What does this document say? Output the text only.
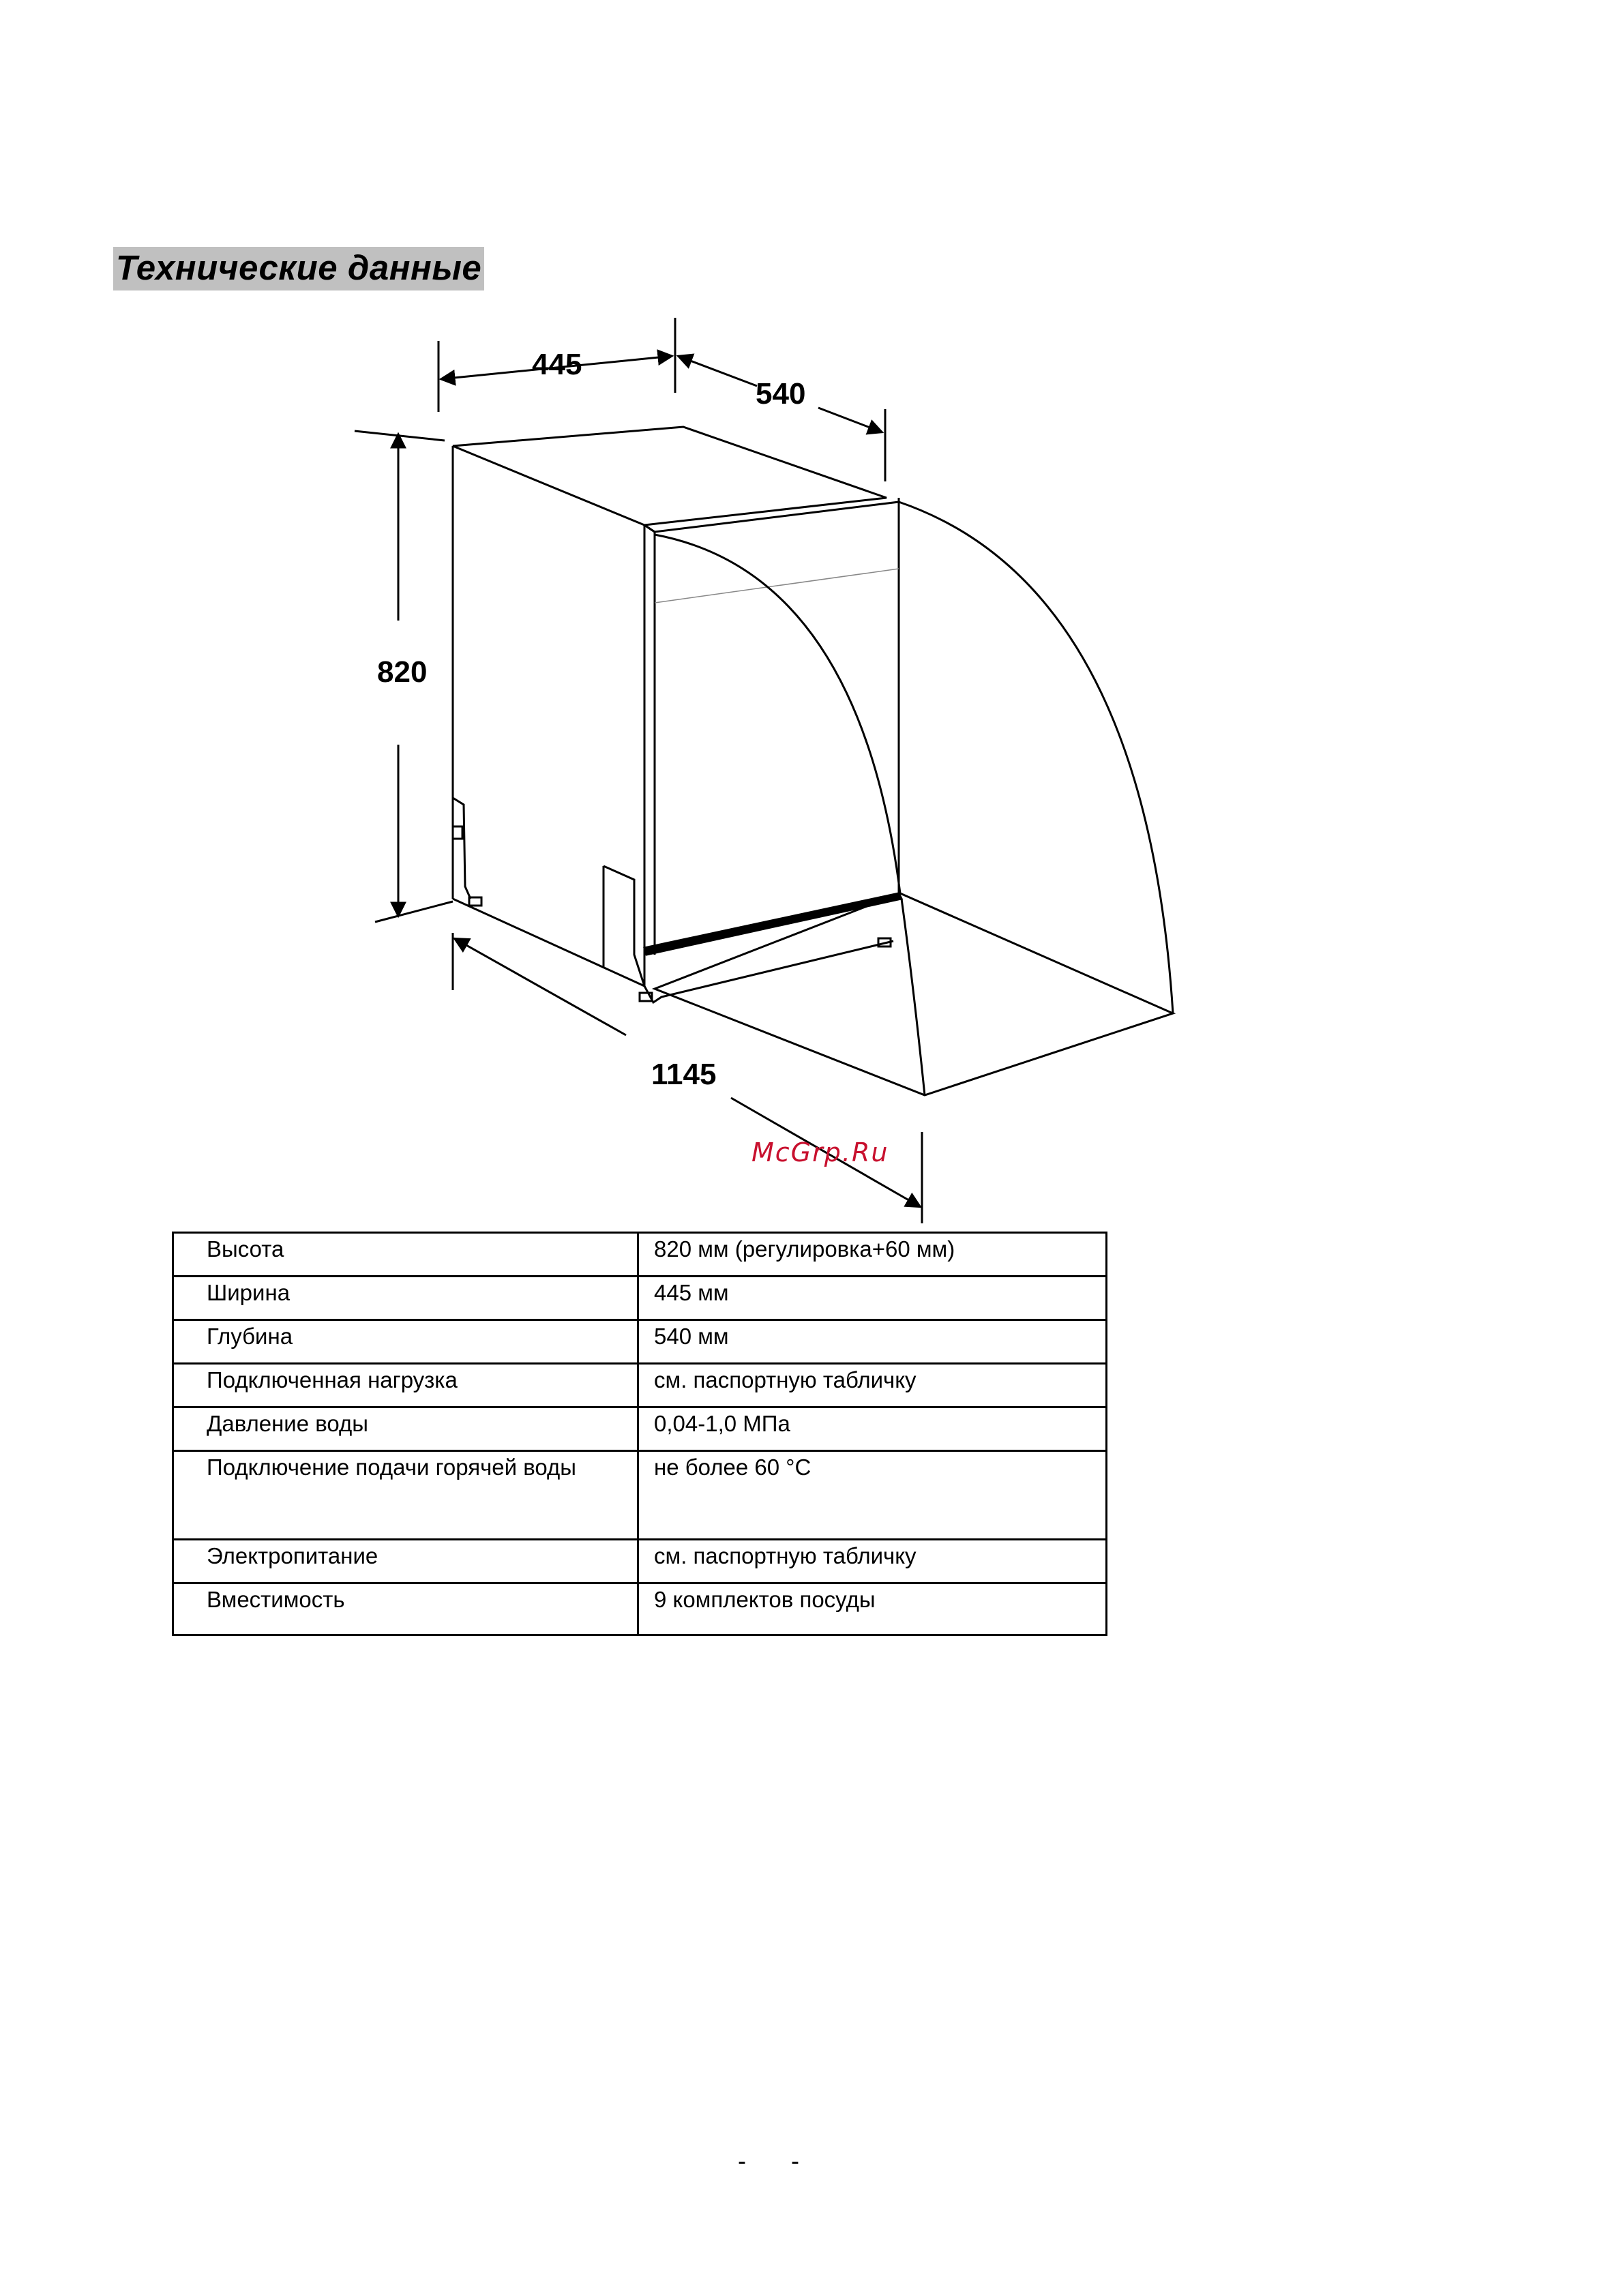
Технические данные
445
540
820
1145
McGrp.Ru
Высота	820 мм (регулировка+60 мм)
Ширина	445 мм
Глубина	540 мм
Подключенная нагрузка	см. паспортную табличку
Давление воды	0,04-1,0 МПа
Подключение подачи горячей воды	не более 60 °С
Электропитание	см. паспортную табличку
Вместимость	9 комплектов посуды
- -
